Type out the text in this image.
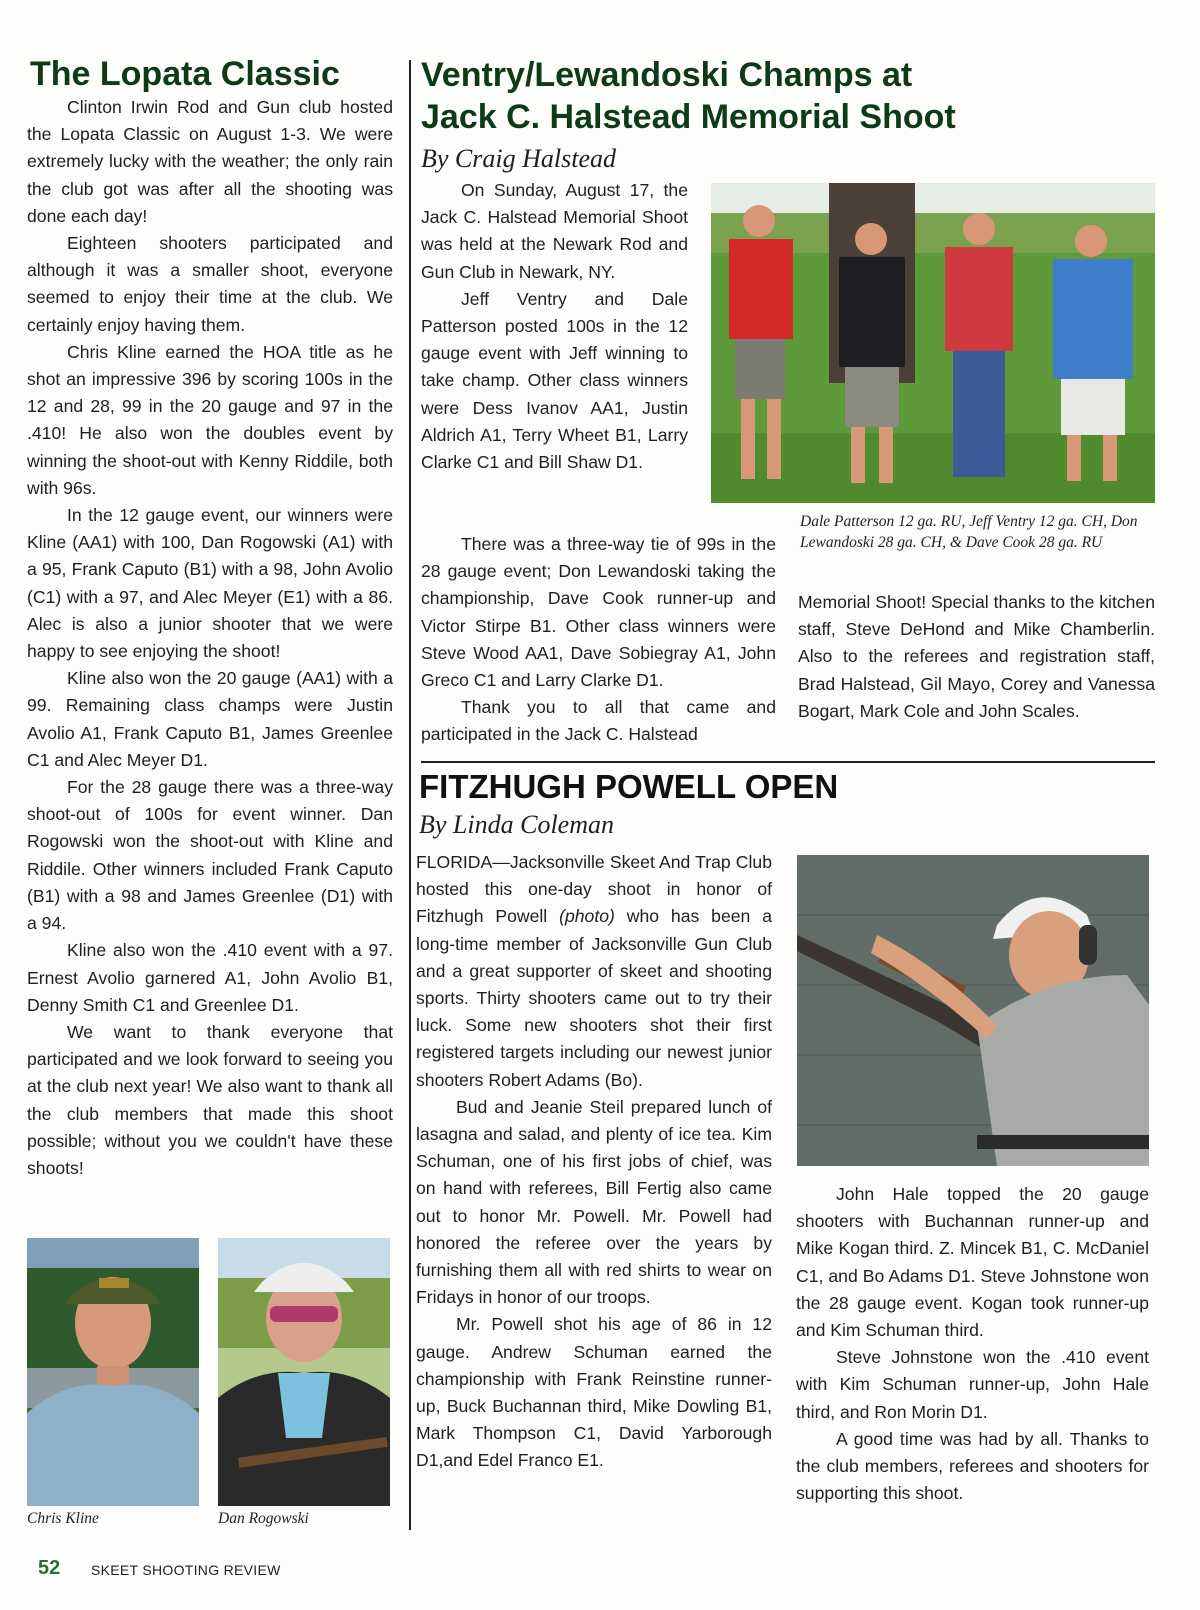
The Lopata Classic

Clinton Irwin Rod and Gun club hosted the Lopata Classic on August 1-3. We were extremely lucky with the weather; the only rain the club got was after all the shooting was done each day!

Eighteen shooters participated and although it was a smaller shoot, everyone seemed to enjoy their time at the club. We certainly enjoy having them.

Chris Kline earned the HOA title as he shot an impressive 396 by scoring 100s in the 12 and 28, 99 in the 20 gauge and 97 in the .410! He also won the doubles event by winning the shoot-out with Kenny Riddile, both with 96s.

In the 12 gauge event, our winners were Kline (AA1) with 100, Dan Rogowski (A1) with a 95, Frank Caputo (B1) with a 98, John Avolio (C1) with a 97, and Alec Meyer (E1) with a 86. Alec is also a junior shooter that we were happy to see enjoying the shoot!

Kline also won the 20 gauge (AA1) with a 99. Remaining class champs were Justin Avolio A1, Frank Caputo B1, James Greenlee C1 and Alec Meyer D1.

For the 28 gauge there was a three-way shoot-out of 100s for event winner. Dan Rogowski won the shoot-out with Kline and Riddile. Other winners included Frank Caputo (B1) with a 98 and James Greenlee (D1) with a 94.

Kline also won the .410 event with a 97. Ernest Avolio garnered A1, John Avolio B1, Denny Smith C1 and Greenlee D1.

We want to thank everyone that participated and we look forward to seeing you at the club next year! We also want to thank all the club members that made this shoot possible; without you we couldn't have these shoots!

Chris Kline	Dan Rogowski
Ventry/Lewandoski Champs at
Jack C. Halstead Memorial Shoot
By Craig Halstead

On Sunday, August 17, the Jack C. Halstead Memorial Shoot was held at the Newark Rod and Gun Club in Newark, NY.

Jeff Ventry and Dale Patterson posted 100s in the 12 gauge event with Jeff winning to take champ. Other class winners were Dess Ivanov AA1, Justin Aldrich A1, Terry Wheet B1, Larry Clarke C1 and Bill Shaw D1.

There was a three-way tie of 99s in the 28 gauge event; Don Lewandoski taking the championship, Dave Cook runner-up and Victor Stirpe B1. Other class winners were Steve Wood AA1, Dave Sobiegray A1, John Greco C1 and Larry Clarke D1.

Thank you to all that came and participated in the Jack C. Halstead

Dale Patterson 12 ga. RU, Jeff Ventry 12 ga. CH, Don Lewandoski 28 ga. CH, & Dave Cook 28 ga. RU

Memorial Shoot! Special thanks to the kitchen staff, Steve DeHond and Mike Chamberlin. Also to the referees and registration staff, Brad Halstead, Gil Mayo, Corey and Vanessa Bogart, Mark Cole and John Scales.

FITZHUGH POWELL OPEN
By Linda Coleman

FLORIDA—Jacksonville Skeet And Trap Club hosted this one-day shoot in honor of Fitzhugh Powell (photo) who has been a long-time member of Jacksonville Gun Club and a great supporter of skeet and shooting sports. Thirty shooters came out to try their luck. Some new shooters shot their first registered targets including our newest junior shooters Robert Adams (Bo).

Bud and Jeanie Steil prepared lunch of lasagna and salad, and plenty of ice tea. Kim Schuman, one of his first jobs of chief, was on hand with referees, Bill Fertig also came out to honor Mr. Powell. Mr. Powell had honored the referee over the years by furnishing them all with red shirts to wear on Fridays in honor of our troops.

Mr. Powell shot his age of 86 in 12 gauge. Andrew Schuman earned the championship with Frank Reinstine runner-up, Buck Buchannan third, Mike Dowling B1, Mark Thompson C1, David Yarborough D1,and Edel Franco E1.

John Hale topped the 20 gauge shooters with Buchannan runner-up and Mike Kogan third. Z. Mincek B1, C. McDaniel C1, and Bo Adams D1. Steve Johnstone won the 28 gauge event. Kogan took runner-up and Kim Schuman third.

Steve Johnstone won the .410 event with Kim Schuman runner-up, John Hale third, and Ron Morin D1.

A good time was had by all. Thanks to the club members, referees and shooters for supporting this shoot.

52 SKEET SHOOTING REVIEW
